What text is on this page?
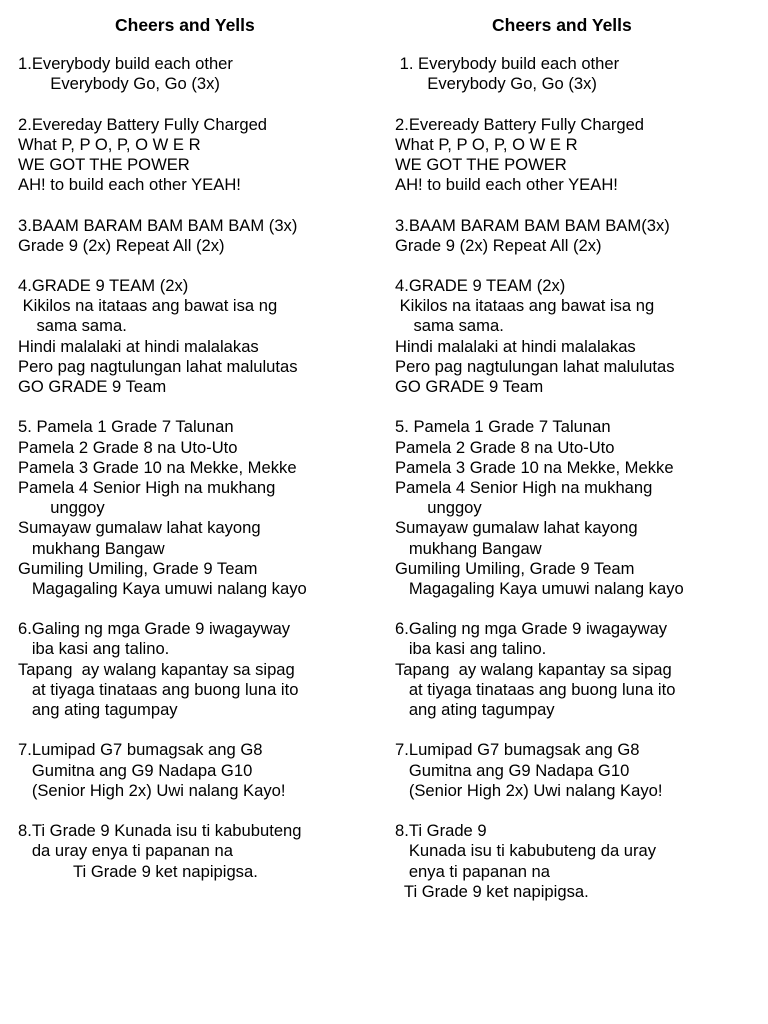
Cheers and Yells
1.Everybody build each other
Everybody Go, Go (3x)
2.Evereday Battery Fully Charged
What P, P O, P, O W E R
WE GOT THE POWER
AH! to build each other YEAH!
3.BAAM BARAM BAM BAM BAM (3x)
Grade 9 (2x) Repeat All (2x)
4.GRADE 9 TEAM (2x)
Kikilos na itataas ang bawat isa ng
sama sama.
Hindi malalaki at hindi malalakas
Pero pag nagtulungan lahat malulutas
GO GRADE 9 Team
5. Pamela 1 Grade 7 Talunan
Pamela 2 Grade 8 na Uto-Uto
Pamela 3 Grade 10 na Mekke, Mekke
Pamela 4 Senior High na mukhang
unggoy
Sumayaw gumalaw lahat kayong
mukhang Bangaw
Gumiling Umiling, Grade 9 Team
Magagaling Kaya umuwi nalang kayo
6.Galing ng mga Grade 9 iwagayway
iba kasi ang talino.
Tapang  ay walang kapantay sa sipag
at tiyaga tinataas ang buong luna ito
ang ating tagumpay
7.Lumipad G7 bumagsak ang G8
Gumitna ang G9 Nadapa G10
(Senior High 2x) Uwi nalang Kayo!
8.Ti Grade 9 Kunada isu ti kabubuteng
da uray enya ti papanan na
Ti Grade 9 ket napipigsa.
Cheers and Yells
1. Everybody build each other
Everybody Go, Go (3x)
2.Eveready Battery Fully Charged
What P, P O, P, O W E R
WE GOT THE POWER
AH! to build each other YEAH!
3.BAAM BARAM BAM BAM BAM(3x)
Grade 9 (2x) Repeat All (2x)
4.GRADE 9 TEAM (2x)
Kikilos na itataas ang bawat isa ng
sama sama.
Hindi malalaki at hindi malalakas
Pero pag nagtulungan lahat malulutas
GO GRADE 9 Team
5. Pamela 1 Grade 7 Talunan
Pamela 2 Grade 8 na Uto-Uto
Pamela 3 Grade 10 na Mekke, Mekke
Pamela 4 Senior High na mukhang
unggoy
Sumayaw gumalaw lahat kayong
mukhang Bangaw
Gumiling Umiling, Grade 9 Team
Magagaling Kaya umuwi nalang kayo
6.Galing ng mga Grade 9 iwagayway
iba kasi ang talino.
Tapang  ay walang kapantay sa sipag
at tiyaga tinataas ang buong luna ito
ang ating tagumpay
7.Lumipad G7 bumagsak ang G8
Gumitna ang G9 Nadapa G10
(Senior High 2x) Uwi nalang Kayo!
8.Ti Grade 9
Kunada isu ti kabubuteng da uray
enya ti papanan na
Ti Grade 9 ket napipigsa.
